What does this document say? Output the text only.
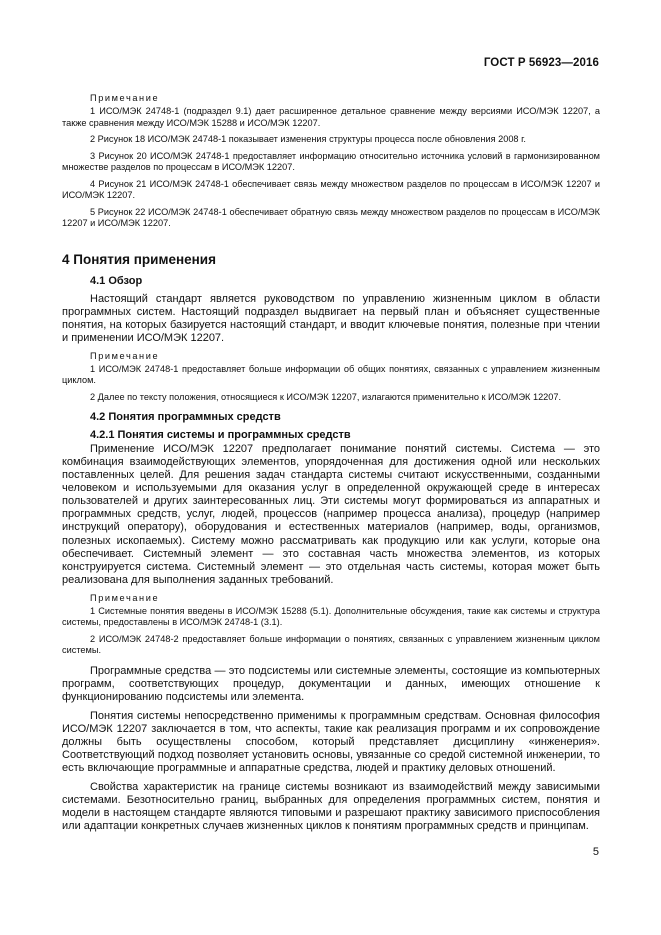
ГОСТ Р 56923—2016
Примечание

1 ИСО/МЭК 24748-1 (подраздел 9.1) дает расширенное детальное сравнение между версиями ИСО/МЭК 12207, а также сравнения между ИСО/МЭК 15288 и ИСО/МЭК 12207.

2 Рисунок 18 ИСО/МЭК 24748-1 показывает изменения структуры процесса после обновления 2008 г.

3 Рисунок 20 ИСО/МЭК 24748-1 предоставляет информацию относительно источника условий в гармонизированном множестве разделов по процессам в ИСО/МЭК 12207.

4 Рисунок 21 ИСО/МЭК 24748-1 обеспечивает связь между множеством разделов по процессам в ИСО/МЭК 12207 и ИСО/МЭК 12207.

5 Рисунок 22 ИСО/МЭК 24748-1 обеспечивает обратную связь между множеством разделов по процессам в ИСО/МЭК 12207 и ИСО/МЭК 12207.

4 Понятия применения
4.1 Обзор

Настоящий стандарт является руководством по управлению жизненным циклом в области программных систем. Настоящий подраздел выдвигает на первый план и объясняет существенные понятия, на которых базируется настоящий стандарт, и вводит ключевые понятия, полезные при чтении и применении ИСО/МЭК 12207.

Примечание

1 ИСО/МЭК 24748-1 предоставляет больше информации об общих понятиях, связанных с управлением жизненным циклом.

2 Далее по тексту положения, относящиеся к ИСО/МЭК 12207, излагаются применительно к ИСО/МЭК 12207.

4.2 Понятия программных средств
4.2.1 Понятия системы и программных средств

Применение ИСО/МЭК 12207 предполагает понимание понятий системы. Система — это комбинация взаимодействующих элементов, упорядоченная для достижения одной или нескольких поставленных целей. Для решения задач стандарта системы считают искусственными, созданными человеком и используемыми для оказания услуг в определенной окружающей среде в интересах пользователей и других заинтересованных лиц. Эти системы могут формироваться из аппаратных и программных средств, услуг, людей, процессов (например процесса анализа), процедур (например инструкций оператору), оборудования и естественных материалов (например, воды, организмов, полезных ископаемых). Систему можно рассматривать как продукцию или как услуги, которые она обеспечивает. Системный элемент — это составная часть множества элементов, из которых конструируется система. Системный элемент — это отдельная часть системы, которая может быть реализована для выполнения заданных требований.

Примечание

1 Системные понятия введены в ИСО/МЭК 15288 (5.1). Дополнительные обсуждения, такие как системы и структура системы, предоставлены в ИСО/МЭК 24748-1 (3.1).

2 ИСО/МЭК 24748-2 предоставляет больше информации о понятиях, связанных с управлением жизненным циклом системы.

Программные средства — это подсистемы или системные элементы, состоящие из компьютерных программ, соответствующих процедур, документации и данных, имеющих отношение к функционированию подсистемы или элемента.

Понятия системы непосредственно применимы к программным средствам. Основная философия ИСО/МЭК 12207 заключается в том, что аспекты, такие как реализация программ и их сопровождение должны быть осуществлены способом, который представляет дисциплину «инженерия». Соответствующий подход позволяет установить основы, увязанные со средой системной инженерии, то есть включающие программные и аппаратные средства, людей и практику деловых отношений.

Свойства характеристик на границе системы возникают из взаимодействий между зависимыми системами. Безотносительно границ, выбранных для определения программных систем, понятия и модели в настоящем стандарте являются типовыми и разрешают практику зависимого приспособления или адаптации конкретных случаев жизненных циклов к понятиям программных средств и принципам.

5
